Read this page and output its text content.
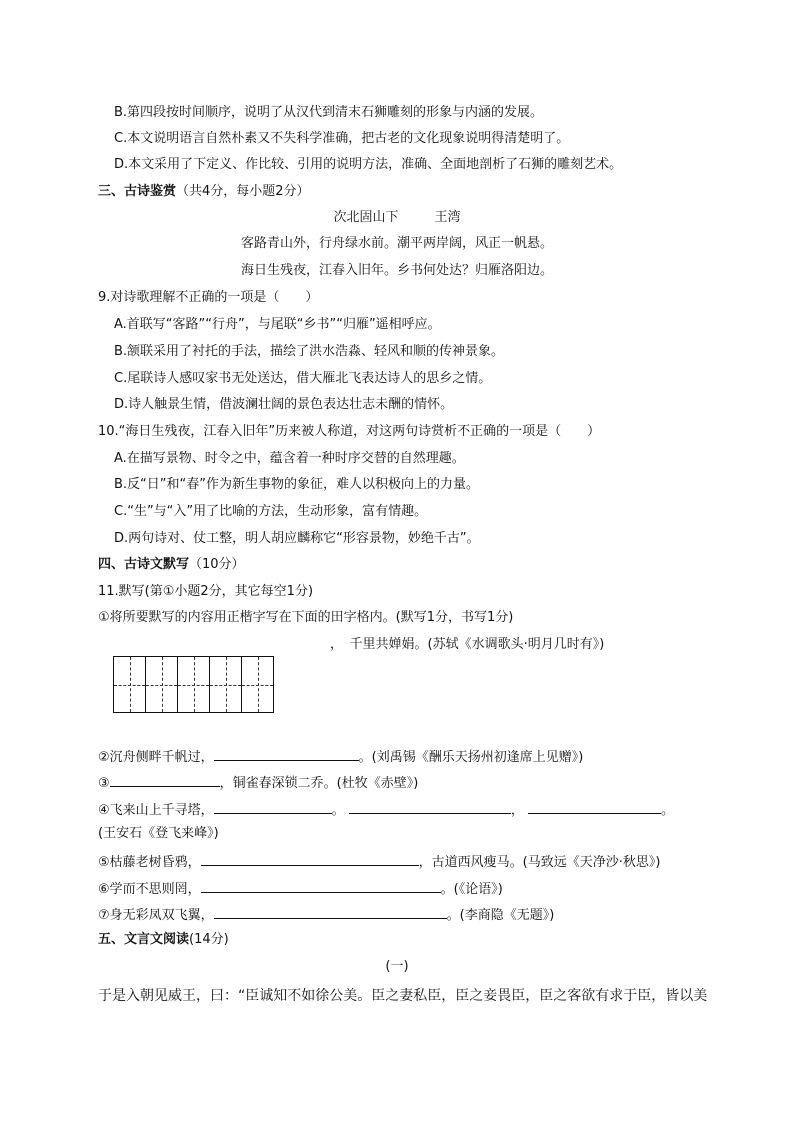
B.第四段按时间顺序，说明了从汉代到清末石狮雕刻的形象与内涵的发展。
C.本文说明语言自然朴素又不失科学准确，把古老的文化现象说明得清楚明了。
D.本文采用了下定义、作比较、引用的说明方法，准确、全面地剖析了石狮的雕刻艺术。
三、古诗鉴赏（共4分，每小题2分）
次北固山下	王湾
客路青山外，行舟绿水前。潮平两岸阔，风正一帆悬。
海日生残夜，江春入旧年。乡书何处达？归雁洛阳边。
9.对诗歌理解不正确的一项是（　　）
A.首联写“客路”“行舟”，与尾联“乡书”“归雁”遥相呼应。
B.颔联采用了衬托的手法，描绘了洪水浩淼、轻风和顺的传神景象。
C.尾联诗人感叹家书无处送达，借大雁北飞表达诗人的思乡之情。
D.诗人触景生情，借波澜壮阔的景色表达壮志未酬的情怀。
10.“海日生残夜，江春入旧年”历来被人称道，对这两句诗赏析不正确的一项是（　　）
A.在描写景物、时令之中，蕴含着一种时序交替的自然理趣。
B.反“日”和“春”作为新生事物的象征，难人以积极向上的力量。
C.“生”与“入”用了比喻的方法，生动形象，富有情趣。
D.两句诗对、仗工整，明人胡应麟称它“形容景物，妙绝千古”。
四、古诗文默写（10分）
11.默写(第①小题2分，其它每空1分)
①将所要默写的内容用正楷字写在下面的田字格内。(默写1分，书写1分)
，　千里共婵娟。(苏轼《水调歌头·明月几时有》)
②沉舟侧畔千帆过，	。(刘禹锡《酬乐天扬州初逢席上见赠》)
③	，铜雀春深锁二乔。(杜牧《赤壁》)
④飞来山上千寻塔，	。	，	。
(王安石《登飞来峰》)
⑤枯藤老树昏鸦，	，古道西风瘦马。(马致远《天净沙·秋思》)
⑥学而不思则罔，	。(《论语》)
⑦身无彩凤双飞翼，	。(李商隐《无题》)
五、文言文阅读(14分)
(一)
于是入朝见威王，曰：“臣诚知不如徐公美。臣之妻私臣，臣之妾畏臣，臣之客欲有求于臣，皆以美
